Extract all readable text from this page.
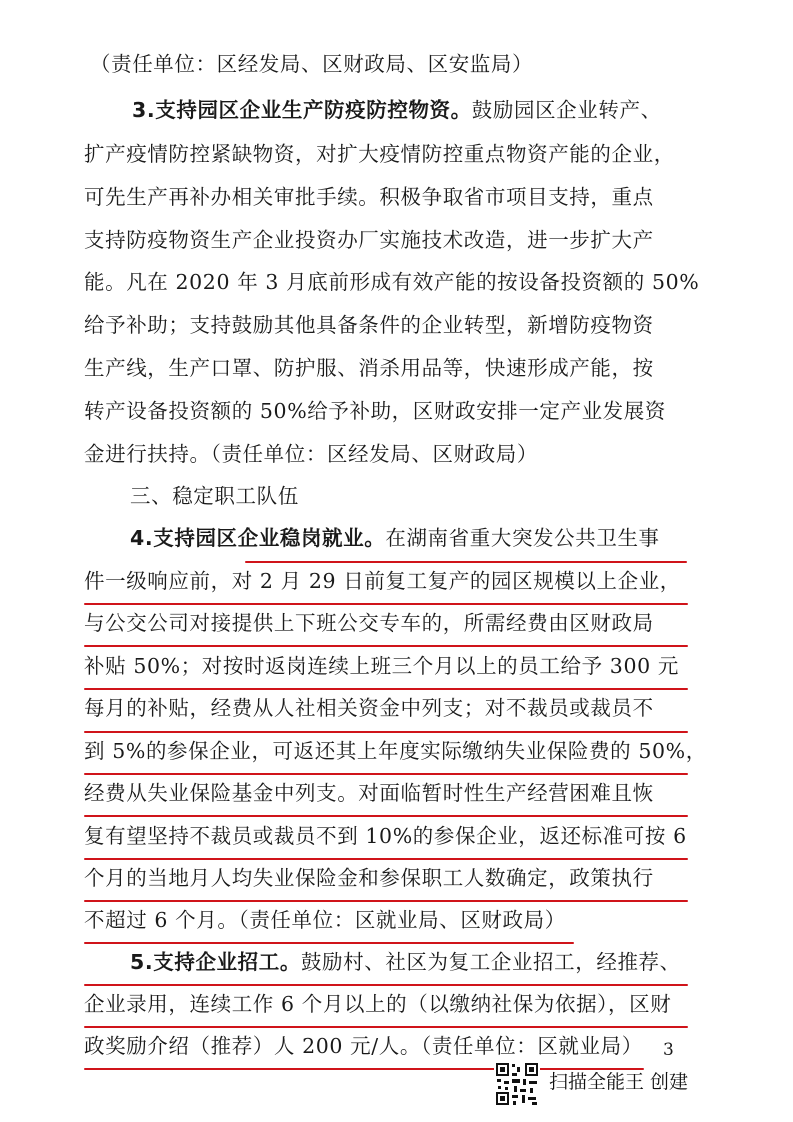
（责任单位：区经发局、区财政局、区安监局）
3.支持园区企业生产防疫防控物资。鼓励园区企业转产、
扩产疫情防控紧缺物资，对扩大疫情防控重点物资产能的企业，
可先生产再补办相关审批手续。积极争取省市项目支持，重点
支持防疫物资生产企业投资办厂实施技术改造，进一步扩大产
能。凡在 2020 年 3 月底前形成有效产能的按设备投资额的 50%
给予补助；支持鼓励其他具备条件的企业转型，新增防疫物资
生产线，生产口罩、防护服、消杀用品等，快速形成产能，按
转产设备投资额的 50%给予补助，区财政安排一定产业发展资
金进行扶持。（责任单位：区经发局、区财政局）
三、稳定职工队伍
4.支持园区企业稳岗就业。在湖南省重大突发公共卫生事
件一级响应前，对 2 月 29 日前复工复产的园区规模以上企业，
与公交公司对接提供上下班公交专车的，所需经费由区财政局
补贴 50%；对按时返岗连续上班三个月以上的员工给予 300 元
每月的补贴，经费从人社相关资金中列支；对不裁员或裁员不
到 5%的参保企业，可返还其上年度实际缴纳失业保险费的 50%，
经费从失业保险基金中列支。对面临暂时性生产经营困难且恢
复有望坚持不裁员或裁员不到 10%的参保企业，返还标准可按 6
个月的当地月人均失业保险金和参保职工人数确定，政策执行
不超过 6 个月。（责任单位：区就业局、区财政局）
5.支持企业招工。鼓励村、社区为复工企业招工，经推荐、
企业录用，连续工作 6 个月以上的（以缴纳社保为依据），区财
政奖励介绍（推荐）人 200 元/人。（责任单位：区就业局） 3
扫描全能王 创建
